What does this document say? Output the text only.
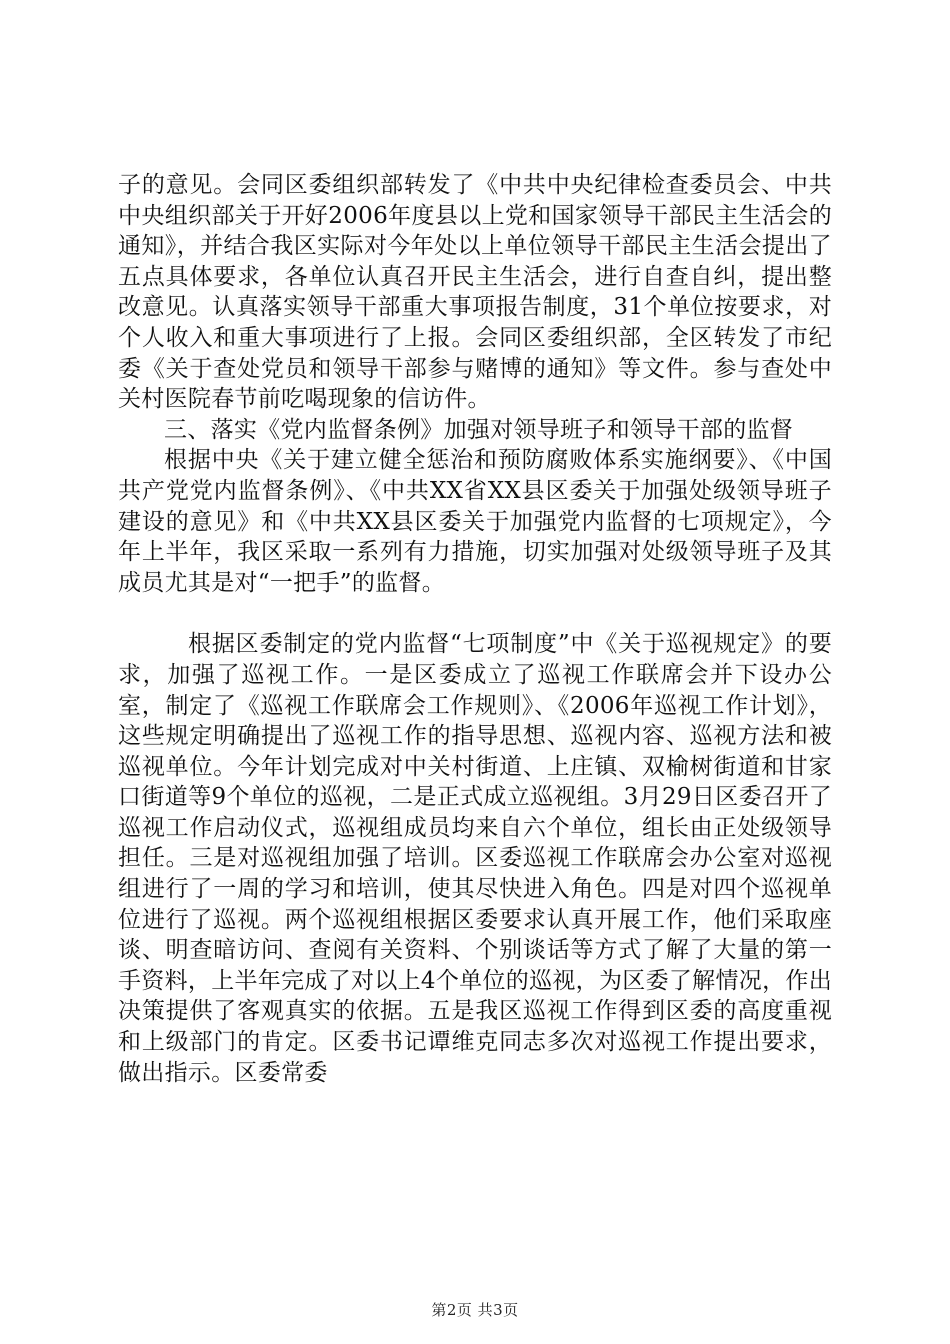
子的意见。会同区委组织部转发了《中共中央纪律检查委员会、中共中央组织部关于开好2006年度县以上党和国家领导干部民主生活会的通知》，并结合我区实际对今年处以上单位领导干部民主生活会提出了五点具体要求，各单位认真召开民主生活会，进行自查自纠，提出整改意见。认真落实领导干部重大事项报告制度，31个单位按要求，对个人收入和重大事项进行了上报。会同区委组织部，全区转发了市纪委《关于查处党员和领导干部参与赌博的通知》等文件。参与查处中关村医院春节前吃喝现象的信访件。

三、落实《党内监督条例》加强对领导班子和领导干部的监督

根据中央《关于建立健全惩治和预防腐败体系实施纲要》、《中国共产党党内监督条例》、《中共XX省XX县区委关于加强处级领导班子建设的意见》和《中共XX县区委关于加强党内监督的七项规定》，今年上半年，我区采取一系列有力措施，切实加强对处级领导班子及其成员尤其是对“一把手”的监督。

根据区委制定的党内监督“七项制度”中《关于巡视规定》的要求，加强了巡视工作。一是区委成立了巡视工作联席会并下设办公室，制定了《巡视工作联席会工作规则》、《2006年巡视工作计划》，这些规定明确提出了巡视工作的指导思想、巡视内容、巡视方法和被巡视单位。今年计划完成对中关村街道、上庄镇、双榆树街道和甘家口街道等9个单位的巡视，二是正式成立巡视组。3月29日区委召开了巡视工作启动仪式，巡视组成员均来自六个单位，组长由正处级领导担任。三是对巡视组加强了培训。区委巡视工作联席会办公室对巡视组进行了一周的学习和培训，使其尽快进入角色。四是对四个巡视单位进行了巡视。两个巡视组根据区委要求认真开展工作，他们采取座谈、明查暗访问、查阅有关资料、个别谈话等方式了解了大量的第一手资料，上半年完成了对以上4个单位的巡视，为区委了解情况，作出决策提供了客观真实的依据。五是我区巡视工作得到区委的高度重视和上级部门的肯定。区委书记谭维克同志多次对巡视工作提出要求，做出指示。区委常委

第2页 共3页
